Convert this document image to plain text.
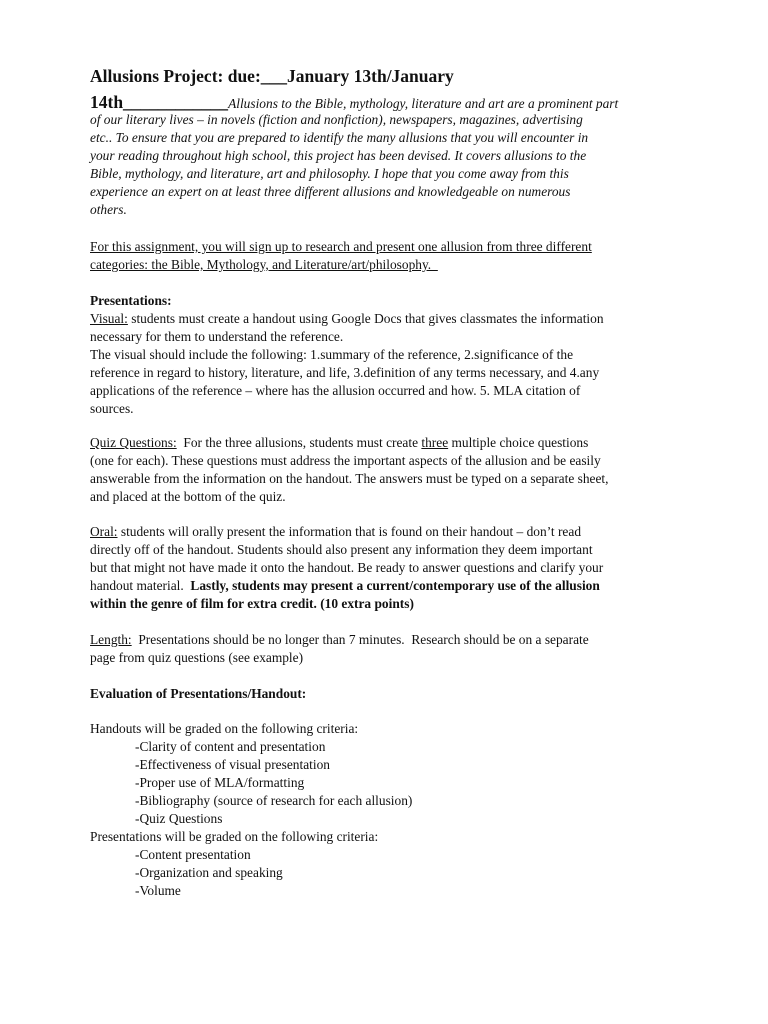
Allusions Project: due:___January 13th/January
14th____________Allusions to the Bible, mythology, literature and art are a prominent part
of our literary lives – in novels (fiction and nonfiction), newspapers, magazines, advertising
etc.. To ensure that you are prepared to identify the many allusions that you will encounter in
your reading throughout high school, this project has been devised. It covers allusions to the
Bible, mythology, and literature, art and philosophy. I hope that you come away from this
experience an expert on at least three different allusions and knowledgeable on numerous
others.
For this assignment, you will sign up to research and present one allusion from three different
categories: the Bible, Mythology, and Literature/art/philosophy.
Presentations:
Visual: students must create a handout using Google Docs that gives classmates the information
necessary for them to understand the reference.
The visual should include the following: 1.summary of the reference, 2.significance of the
reference in regard to history, literature, and life, 3.definition of any terms necessary, and 4.any
applications of the reference – where has the allusion occurred and how. 5. MLA citation of
sources.
Quiz Questions:  For the three allusions, students must create three multiple choice questions
(one for each). These questions must address the important aspects of the allusion and be easily
answerable from the information on the handout. The answers must be typed on a separate sheet,
and placed at the bottom of the quiz.
Oral: students will orally present the information that is found on their handout – don’t read
directly off of the handout. Students should also present any information they deem important
but that might not have made it onto the handout. Be ready to answer questions and clarify your
handout material.  Lastly, students may present a current/contemporary use of the allusion
within the genre of film for extra credit. (10 extra points)
Length:  Presentations should be no longer than 7 minutes.  Research should be on a separate
page from quiz questions (see example)
Evaluation of Presentations/Handout:
Handouts will be graded on the following criteria:
-Clarity of content and presentation
-Effectiveness of visual presentation
-Proper use of MLA/formatting
-Bibliography (source of research for each allusion)
-Quiz Questions
Presentations will be graded on the following criteria:
-Content presentation
-Organization and speaking
-Volume
